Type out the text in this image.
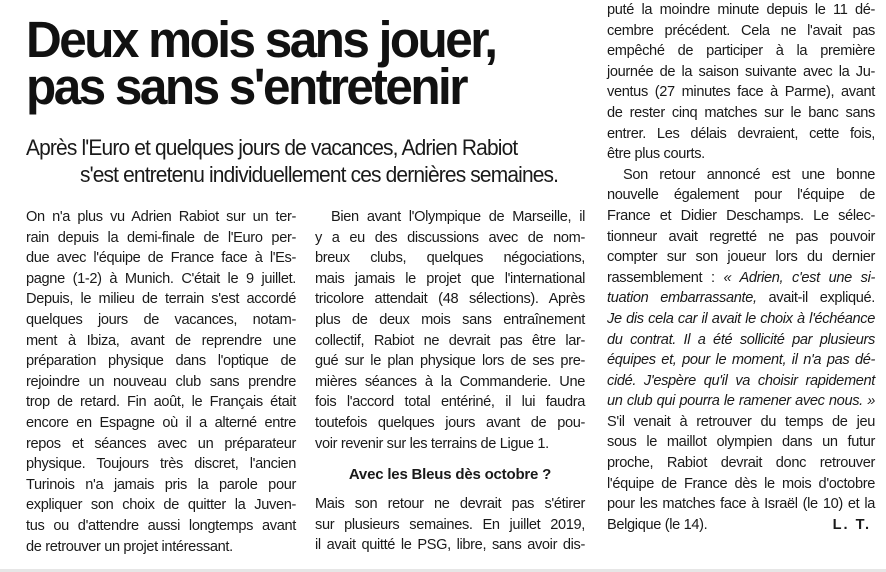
Deux mois sans jouer,
pas sans s'entretenir
Après l'Euro et quelques jours de vacances, Adrien Rabiot
s'est entretenu individuellement ces dernières semaines.
On n'a plus vu Adrien Rabiot sur un ter-
rain depuis la demi-finale de l'Euro per-
due avec l'équipe de France face à l'Es-
pagne (1-2) à Munich. C'était le 9 juillet.
Depuis, le milieu de terrain s'est accordé
quelques jours de vacances, notam-
ment à Ibiza, avant de reprendre une
préparation physique dans l'optique de
rejoindre un nouveau club sans prendre
trop de retard. Fin août, le Français était
encore en Espagne où il a alterné entre
repos et séances avec un préparateur
physique. Toujours très discret, l'ancien
Turinois n'a jamais pris la parole pour
expliquer son choix de quitter la Juven-
tus ou d'attendre aussi longtemps avant
de retrouver un projet intéressant.
Bien avant l'Olympique de Marseille, il
y a eu des discussions avec de nom-
breux clubs, quelques négociations,
mais jamais le projet que l'international
tricolore attendait (48 sélections). Après
plus de deux mois sans entraînement
collectif, Rabiot ne devrait pas être lar-
gué sur le plan physique lors de ses pre-
mières séances à la Commanderie. Une
fois l'accord total entériné, il lui faudra
toutefois quelques jours avant de pou-
voir revenir sur les terrains de Ligue 1.
Avec les Bleus dès octobre ?
Mais son retour ne devrait pas s'étirer
sur plusieurs semaines. En juillet 2019,
il avait quitté le PSG, libre, sans avoir dis-
puté la moindre minute depuis le 11 dé-
cembre précédent. Cela ne l'avait pas
empêché de participer à la première
journée de la saison suivante avec la Ju-
ventus (27 minutes face à Parme), avant
de rester cinq matches sur le banc sans
entrer. Les délais devraient, cette fois,
être plus courts.
Son retour annoncé est une bonne
nouvelle également pour l'équipe de
France et Didier Deschamps. Le sélec-
tionneur avait regretté ne pas pouvoir
compter sur son joueur lors du dernier
rassemblement : « Adrien, c'est une si-
tuation embarrassante, avait-il expliqué.
Je dis cela car il avait le choix à l'échéance
du contrat. Il a été sollicité par plusieurs
équipes et, pour le moment, il n'a pas dé-
cidé. J'espère qu'il va choisir rapidement
un club qui pourra le ramener avec nous. »
S'il venait à retrouver du temps de jeu
sous le maillot olympien dans un futur
proche, Rabiot devrait donc retrouver
l'équipe de France dès le mois d'octobre
pour les matches face à Israël (le 10) et la
Belgique (le 14).	L. T.
